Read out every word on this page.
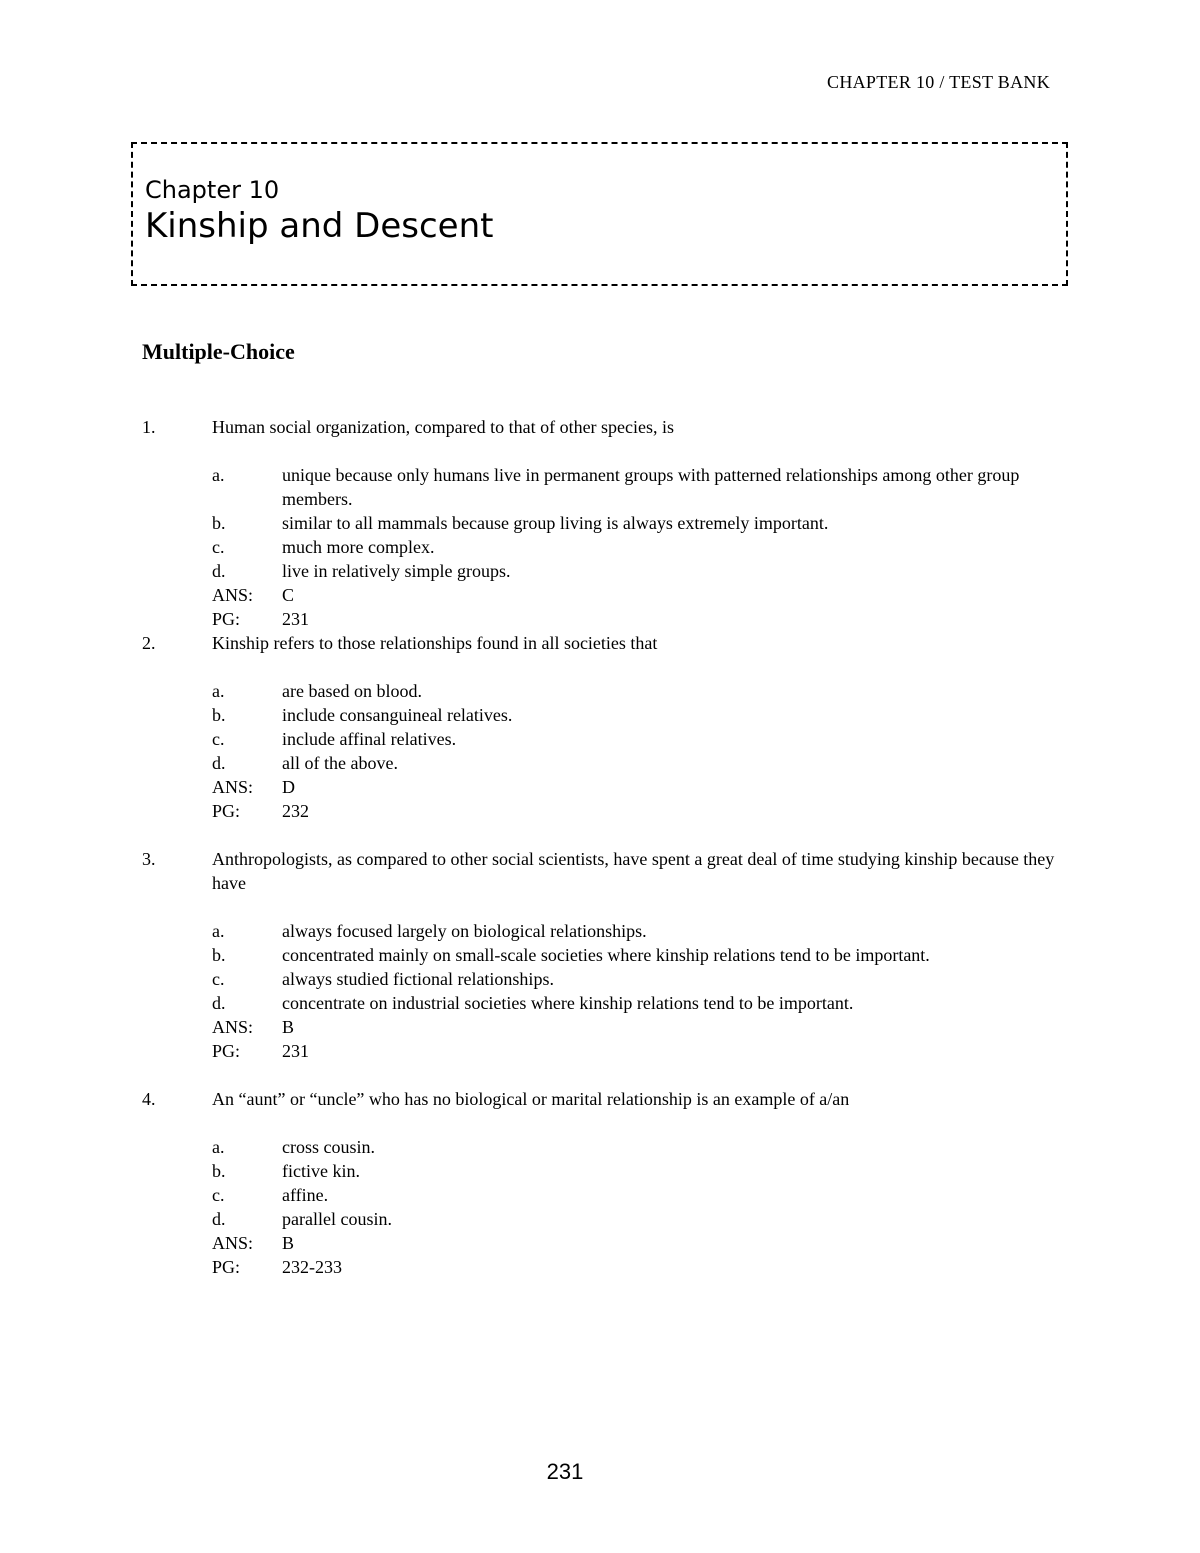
CHAPTER 10 / TEST BANK
Chapter 10
Kinship and Descent
Multiple-Choice
1.	Human social organization, compared to that of other species, is
a.	unique because only humans live in permanent groups with patterned relationships among other group members.
b.	similar to all mammals because group living is always extremely important.
c.	much more complex.
d.	live in relatively simple groups.
ANS:	C
PG:	231
2.	Kinship refers to those relationships found in all societies that
a.	are based on blood.
b.	include consanguineal relatives.
c.	include affinal relatives.
d.	all of the above.
ANS:	D
PG:	232
3.	Anthropologists, as compared to other social scientists, have spent a great deal of time studying kinship because they have
a.	always focused largely on biological relationships.
b.	concentrated mainly on small-scale societies where kinship relations tend to be important.
c.	always studied fictional relationships.
d.	concentrate on industrial societies where kinship relations tend to be important.
ANS:	B
PG:	231
4.	An “aunt” or “uncle” who has no biological or marital relationship is an example of a/an
a.	cross cousin.
b.	fictive kin.
c.	affine.
d.	parallel cousin.
ANS:	B
PG:	232-233
231
